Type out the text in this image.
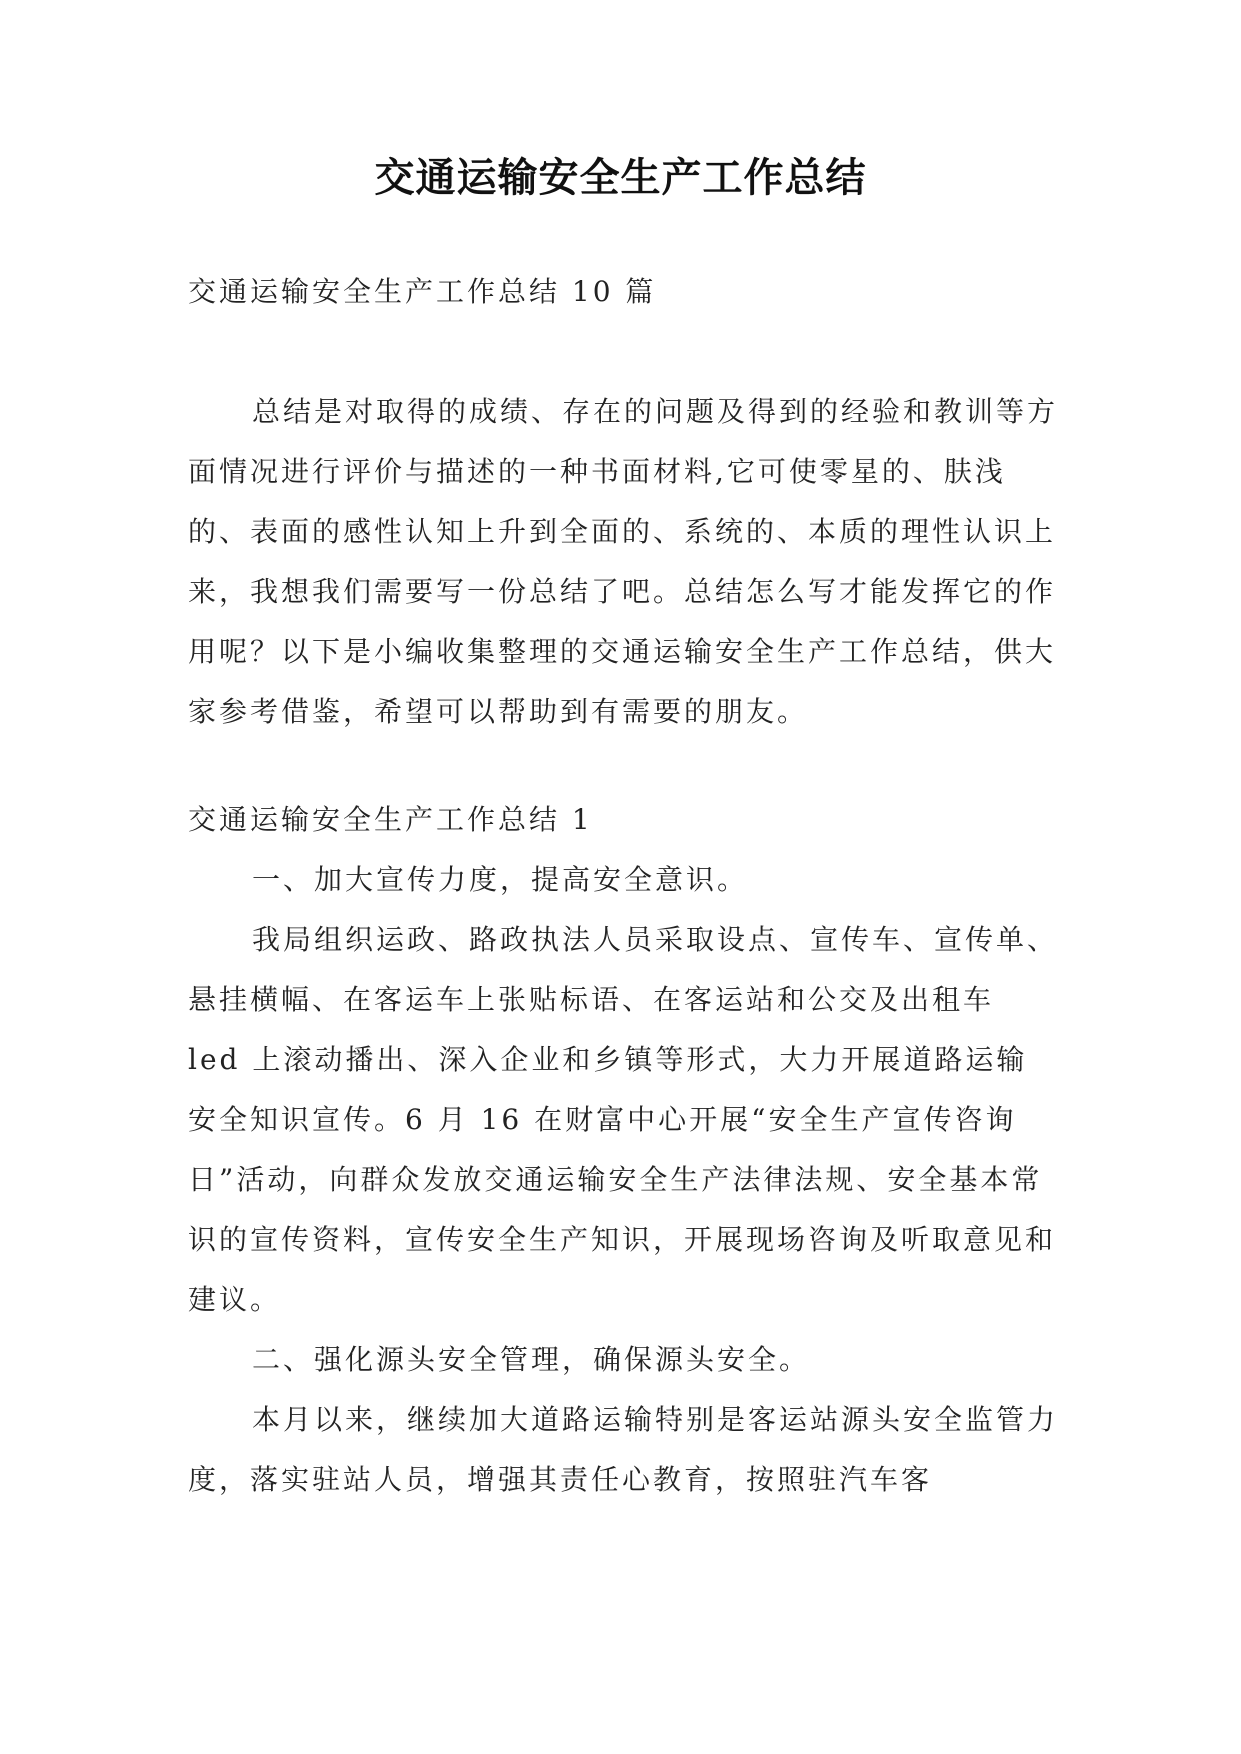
交通运输安全生产工作总结

交通运输安全生产工作总结 10 篇

总结是对取得的成绩、存在的问题及得到的经验和教训等方面情况进行评价与描述的一种书面材料,它可使零星的、肤浅的、表面的感性认知上升到全面的、系统的、本质的理性认识上来，我想我们需要写一份总结了吧。总结怎么写才能发挥它的作用呢？以下是小编收集整理的交通运输安全生产工作总结，供大家参考借鉴，希望可以帮助到有需要的朋友。

交通运输安全生产工作总结 1

一、加大宣传力度，提高安全意识。

我局组织运政、路政执法人员采取设点、宣传车、宣传单、悬挂横幅、在客运车上张贴标语、在客运站和公交及出租车 led 上滚动播出、深入企业和乡镇等形式，大力开展道路运输安全知识宣传。6 月 16 在财富中心开展“安全生产宣传咨询日”活动，向群众发放交通运输安全生产法律法规、安全基本常识的宣传资料，宣传安全生产知识，开展现场咨询及听取意见和建议。

二、强化源头安全管理，确保源头安全。

本月以来，继续加大道路运输特别是客运站源头安全监管力度，落实驻站人员，增强其责任心教育，按照驻汽车客
